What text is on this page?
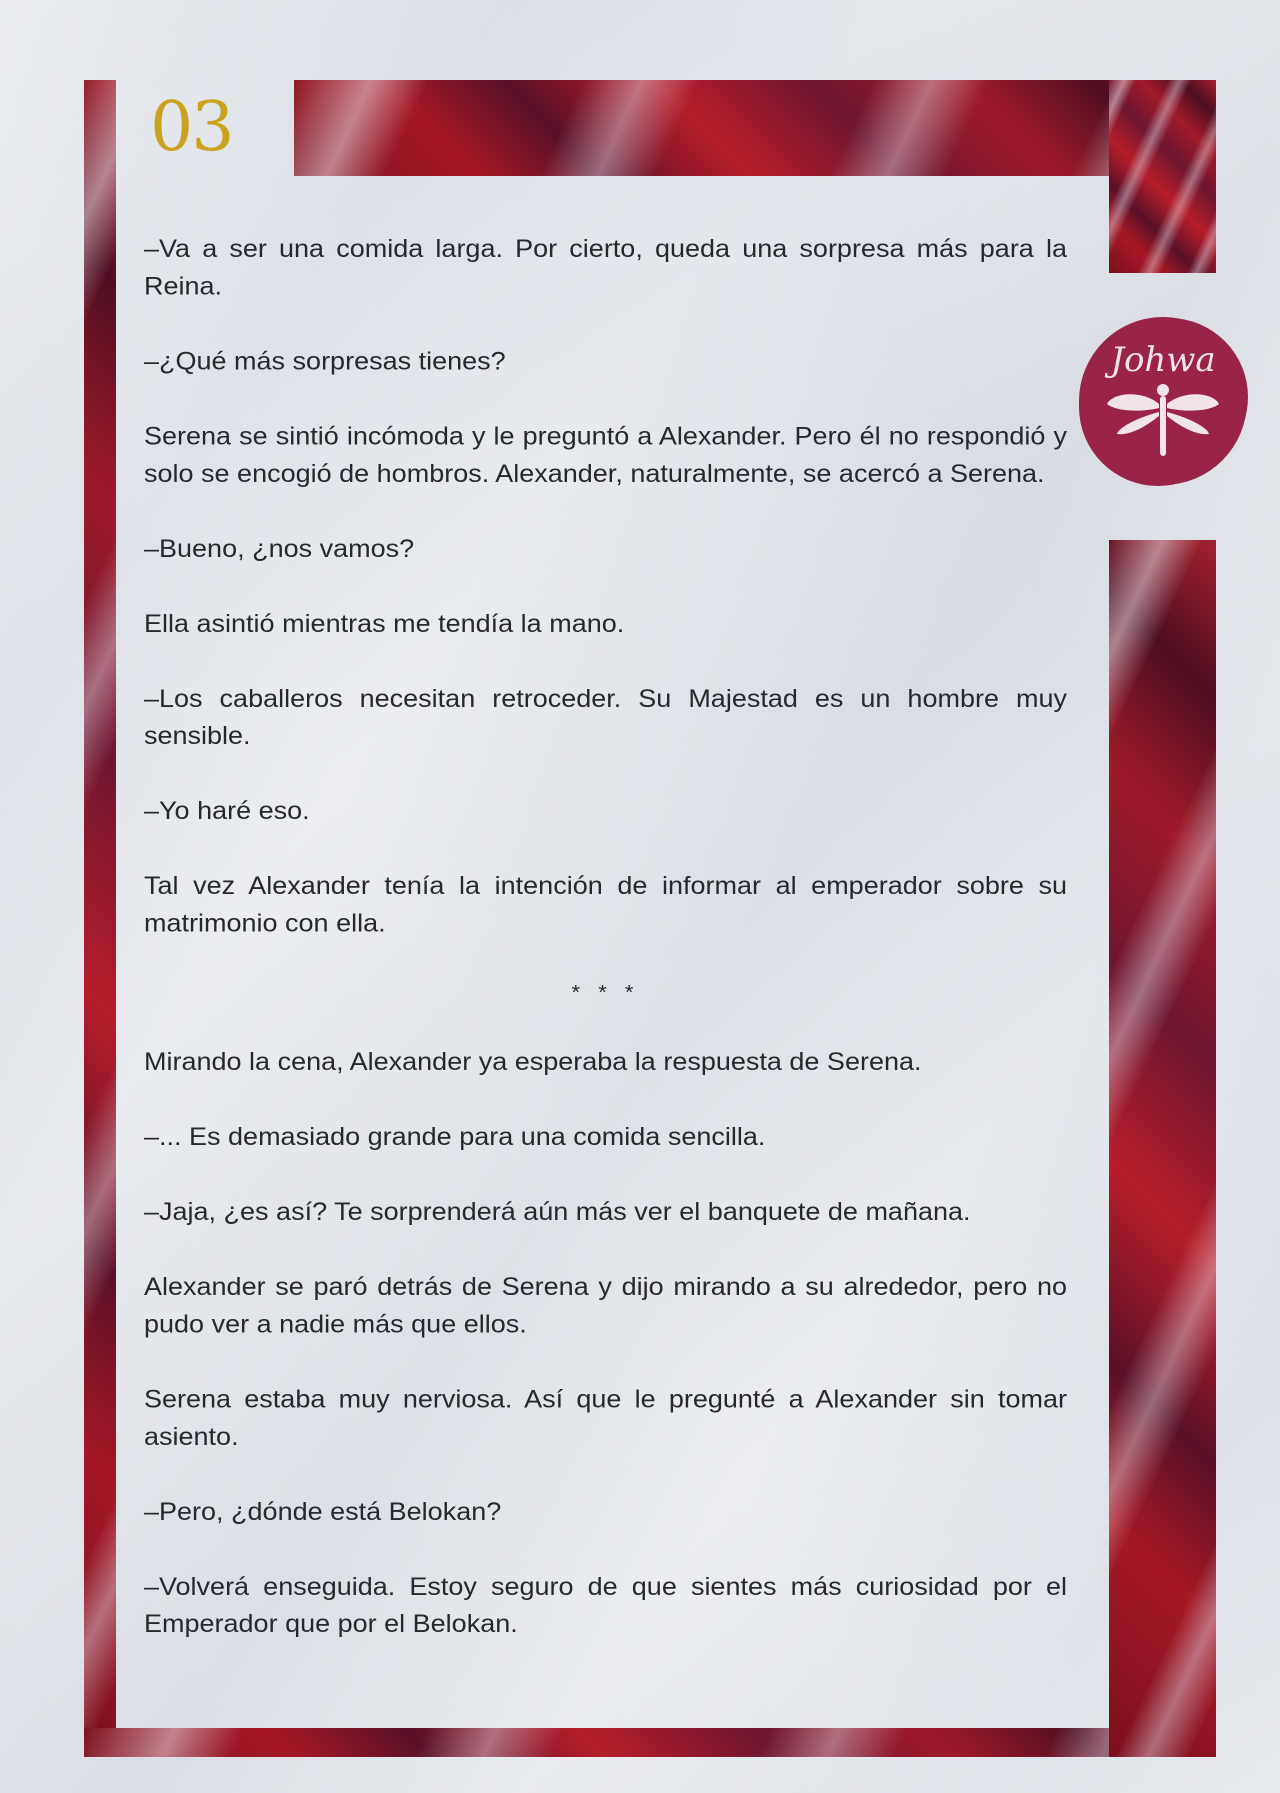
03
Johwa

–Va a ser una comida larga. Por cierto, queda una sorpresa más para la Reina.

–¿Qué más sorpresas tienes?

Serena se sintió incómoda y le preguntó a Alexander. Pero él no respondió y solo se encogió de hombros. Alexander, naturalmente, se acercó a Serena.

–Bueno, ¿nos vamos?

Ella asintió mientras me tendía la mano.

–Los caballeros necesitan retroceder. Su Majestad es un hombre muy sensible.

–Yo haré eso.

Tal vez Alexander tenía la intención de informar al emperador sobre su matrimonio con ella.

* * *

Mirando la cena, Alexander ya esperaba la respuesta de Serena.

–... Es demasiado grande para una comida sencilla.

–Jaja, ¿es así? Te sorprenderá aún más ver el banquete de mañana.

Alexander se paró detrás de Serena y dijo mirando a su alrededor, pero no pudo ver a nadie más que ellos.

Serena estaba muy nerviosa. Así que le pregunté a Alexander sin tomar asiento.

–Pero, ¿dónde está Belokan?

–Volverá enseguida. Estoy seguro de que sientes más curiosidad por el Emperador que por el Belokan.
